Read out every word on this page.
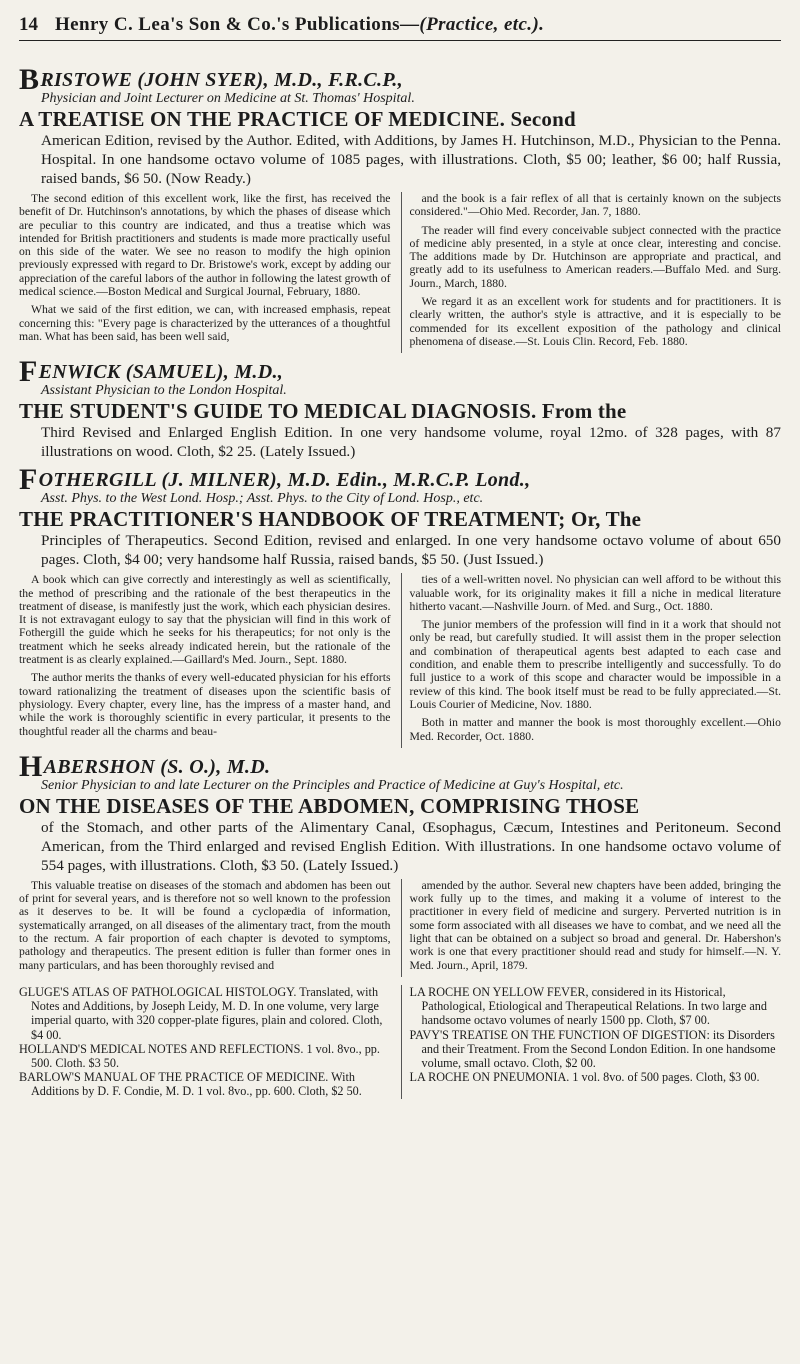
14 Henry C. Lea's Son & Co.'s Publications—(Practice, etc.).
BRISTOWE (JOHN SYER), M.D., F.R.C.P.,
Physician and Joint Lecturer on Medicine at St. Thomas' Hospital.
A TREATISE ON THE PRACTICE OF MEDICINE. Second
American Edition, revised by the Author. Edited, with Additions, by James H. Hutchinson, M.D., Physician to the Penna. Hospital. In one handsome octavo volume of 1085 pages, with illustrations. Cloth, $5 00; leather, $6 00; half Russia, raised bands, $6 50. (Now Ready.)

The second edition of this excellent work, like the first, has received the benefit of Dr. Hutchinson's annotations, by which the phases of disease which are peculiar to this country are indicated, and thus a treatise which was intended for British practitioners and students is made more practically useful on this side of the water. We see no reason to modify the high opinion previously expressed with regard to Dr. Bristowe's work, except by adding our appreciation of the careful labors of the author in following the latest growth of medical science.—Boston Medical and Surgical Journal, February, 1880.

What we said of the first edition, we can, with increased emphasis, repeat concerning this: "Every page is characterized by the utterances of a thoughtful man. What has been said, has been well said,

and the book is a fair reflex of all that is certainly known on the subjects considered."—Ohio Med. Recorder, Jan. 7, 1880.

The reader will find every conceivable subject connected with the practice of medicine ably presented, in a style at once clear, interesting and concise. The additions made by Dr. Hutchinson are appropriate and practical, and greatly add to its usefulness to American readers.—Buffalo Med. and Surg. Journ., March, 1880.

We regard it as an excellent work for students and for practitioners. It is clearly written, the author's style is attractive, and it is especially to be commended for its excellent exposition of the pathology and clinical phenomena of disease.—St. Louis Clin. Record, Feb. 1880.

FENWICK (SAMUEL), M.D.,
Assistant Physician to the London Hospital.
THE STUDENT'S GUIDE TO MEDICAL DIAGNOSIS. From the
Third Revised and Enlarged English Edition. In one very handsome volume, royal 12mo. of 328 pages, with 87 illustrations on wood. Cloth, $2 25. (Lately Issued.)
FOTHERGILL (J. MILNER), M.D. Edin., M.R.C.P. Lond.,
Asst. Phys. to the West Lond. Hosp.; Asst. Phys. to the City of Lond. Hosp., etc.
THE PRACTITIONER'S HANDBOOK OF TREATMENT; Or, The
Principles of Therapeutics. Second Edition, revised and enlarged. In one very handsome octavo volume of about 650 pages. Cloth, $4 00; very handsome half Russia, raised bands, $5 50. (Just Issued.)

A book which can give correctly and interestingly as well as scientifically, the method of prescribing and the rationale of the best therapeutics in the treatment of disease, is manifestly just the work, which each physician desires. It is not extravagant eulogy to say that the physician will find in this work of Fothergill the guide which he seeks for his therapeutics; for not only is the treatment which he seeks already indicated herein, but the rationale of the treatment is as clearly explained.—Gaillard's Med. Journ., Sept. 1880.

The author merits the thanks of every well-educated physician for his efforts toward rationalizing the treatment of diseases upon the scientific basis of physiology. Every chapter, every line, has the impress of a master hand, and while the work is thoroughly scientific in every particular, it presents to the thoughtful reader all the charms and beau-

ties of a well-written novel. No physician can well afford to be without this valuable work, for its originality makes it fill a niche in medical literature hitherto vacant.—Nashville Journ. of Med. and Surg., Oct. 1880.

The junior members of the profession will find in it a work that should not only be read, but carefully studied. It will assist them in the proper selection and combination of therapeutical agents best adapted to each case and condition, and enable them to prescribe intelligently and successfully. To do full justice to a work of this scope and character would be impossible in a review of this kind. The book itself must be read to be fully appreciated.—St. Louis Courier of Medicine, Nov. 1880.

Both in matter and manner the book is most thoroughly excellent.—Ohio Med. Recorder, Oct. 1880.

HABERSHON (S. O.), M.D.
Senior Physician to and late Lecturer on the Principles and Practice of Medicine at Guy's Hospital, etc.
ON THE DISEASES OF THE ABDOMEN, COMPRISING THOSE
of the Stomach, and other parts of the Alimentary Canal, Œsophagus, Cæcum, Intestines and Peritoneum. Second American, from the Third enlarged and revised English Edition. With illustrations. In one handsome octavo volume of 554 pages, with illustrations. Cloth, $3 50. (Lately Issued.)

This valuable treatise on diseases of the stomach and abdomen has been out of print for several years, and is therefore not so well known to the profession as it deserves to be. It will be found a cyclopædia of information, systematically arranged, on all diseases of the alimentary tract, from the mouth to the rectum. A fair proportion of each chapter is devoted to symptoms, pathology and therapeutics. The present edition is fuller than former ones in many particulars, and has been thoroughly revised and

amended by the author. Several new chapters have been added, bringing the work fully up to the times, and making it a volume of interest to the practitioner in every field of medicine and surgery. Perverted nutrition is in some form associated with all diseases we have to combat, and we need all the light that can be obtained on a subject so broad and general. Dr. Habershon's work is one that every practitioner should read and study for himself.—N. Y. Med. Journ., April, 1879.

GLUGE'S ATLAS OF PATHOLOGICAL HISTOLOGY. Translated, with Notes and Additions, by Joseph Leidy, M. D. In one volume, very large imperial quarto, with 320 copper-plate figures, plain and colored. Cloth, $4 00.

HOLLAND'S MEDICAL NOTES AND REFLECTIONS. 1 vol. 8vo., pp. 500. Cloth. $3 50.

BARLOW'S MANUAL OF THE PRACTICE OF MEDICINE. With Additions by D. F. Condie, M. D. 1 vol. 8vo., pp. 600. Cloth, $2 50.

LA ROCHE ON YELLOW FEVER, considered in its Historical, Pathological, Etiological and Therapeutical Relations. In two large and handsome octavo volumes of nearly 1500 pp. Cloth, $7 00.

PAVY'S TREATISE ON THE FUNCTION OF DIGESTION: its Disorders and their Treatment. From the Second London Edition. In one handsome volume, small octavo. Cloth, $2 00.

LA ROCHE ON PNEUMONIA. 1 vol. 8vo. of 500 pages. Cloth, $3 00.
